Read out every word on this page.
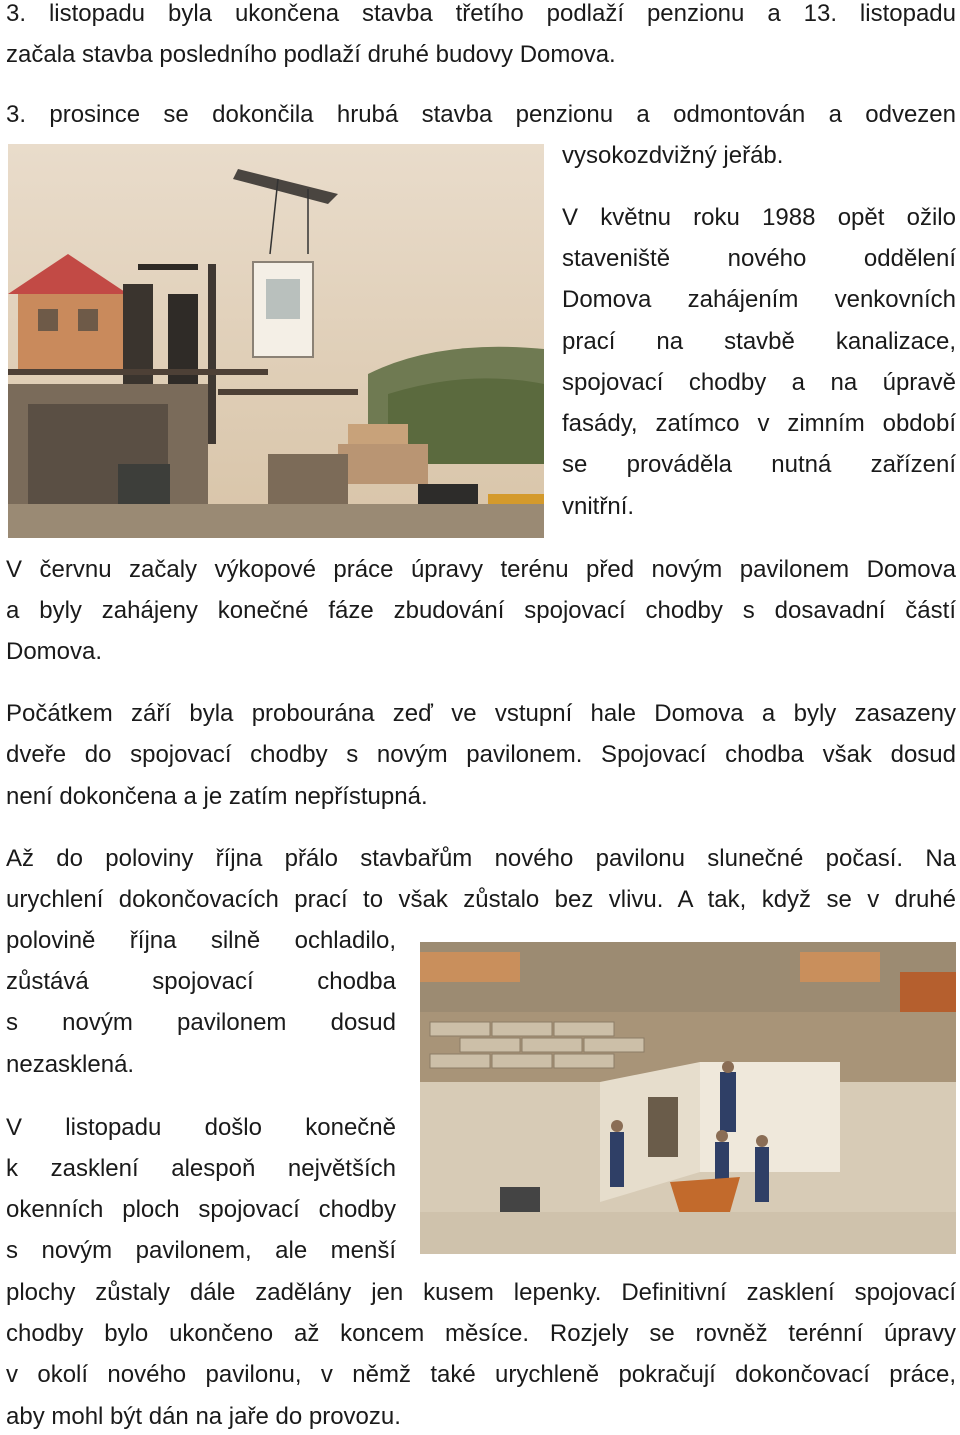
3. listopadu byla ukončena stavba třetího podlaží penzionu a 13. listopadu
začala stavba posledního podlaží druhé budovy Domova.
3. prosince se dokončila hrubá stavba penzionu a odmontován a odvezen
vysokozdvižný jeřáb.
V květnu roku 1988 opět ožilo
staveniště nového oddělení
Domova zahájením venkovních
prací na stavbě kanalizace,
spojovací chodby a na úpravě
fasády, zatímco v zimním období
se prováděla nutná zařízení
vnitřní.
V červnu začaly výkopové práce úpravy terénu před novým pavilonem Domova
a byly zahájeny konečné fáze zbudování spojovací chodby s dosavadní částí
Domova.
Počátkem září byla probourána zeď ve vstupní hale Domova a byly zasazeny
dveře do spojovací chodby s novým pavilonem. Spojovací chodba však dosud
není dokončena a je zatím nepřístupná.
Až do poloviny října přálo stavbařům nového pavilonu slunečné počasí. Na
urychlení dokončovacích prací to však zůstalo bez vlivu. A tak, když se v druhé
polovině října silně ochladilo,
zůstává spojovací chodba
s novým pavilonem dosud
nezasklená.
V listopadu došlo konečně
k zasklení alespoň největších
okenních ploch spojovací chodby
s novým pavilonem, ale menší
plochy zůstaly dále zadělány jen kusem lepenky. Definitivní zasklení spojovací
chodby bylo ukončeno až koncem měsíce. Rozjely se rovněž terénní úpravy
v okolí nového pavilonu, v němž také urychleně pokračují dokončovací práce,
aby mohl být dán na jaře do provozu.
